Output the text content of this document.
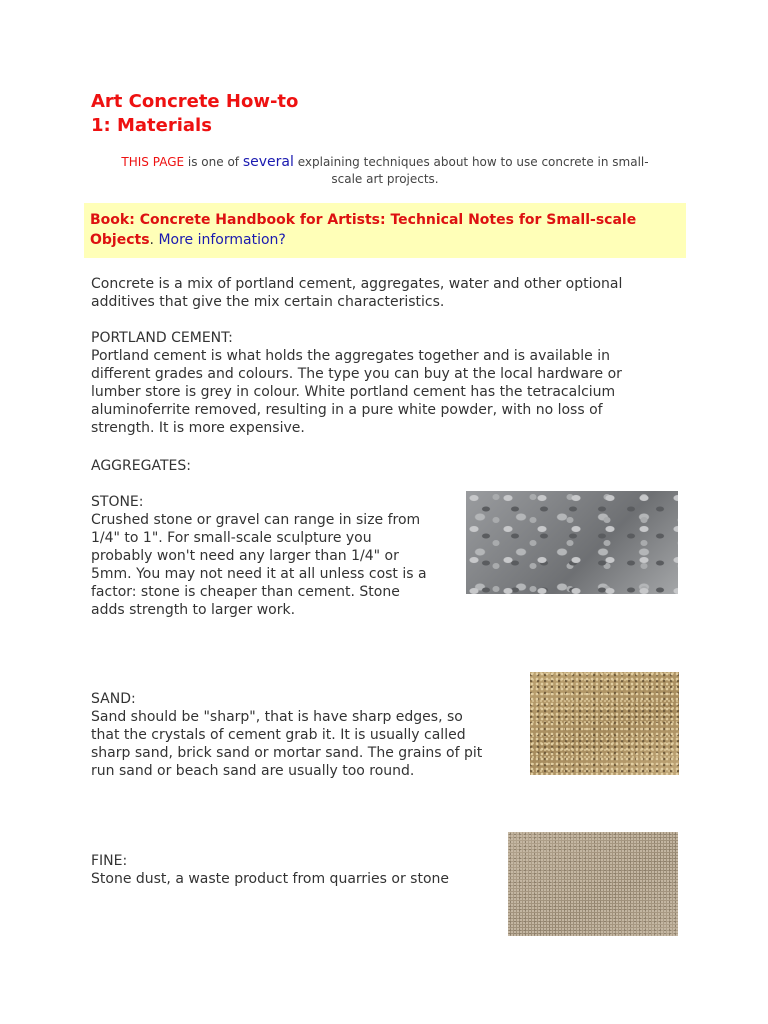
Art Concrete How-to
1: Materials
THIS PAGE is one of several explaining techniques about how to use concrete in small-
scale art projects.
Book: Concrete Handbook for Artists: Technical Notes for Small-scale
Objects. More information?

Concrete is a mix of portland cement, aggregates, water and other optional
additives that give the mix certain characteristics.

PORTLAND CEMENT:
Portland cement is what holds the aggregates together and is available in
different grades and colours. The type you can buy at the local hardware or
lumber store is grey in colour. White portland cement has the tetracalcium
aluminoferrite removed, resulting in a pure white powder, with no loss of
strength. It is more expensive.

AGGREGATES:

STONE:
Crushed stone or gravel can range in size from
1/4" to 1". For small-scale sculpture you
probably won't need any larger than 1/4" or
5mm. You may not need it at all unless cost is a
factor: stone is cheaper than cement. Stone
adds strength to larger work.

SAND:
Sand should be "sharp", that is have sharp edges, so
that the crystals of cement grab it. It is usually called
sharp sand, brick sand or mortar sand. The grains of pit
run sand or beach sand are usually too round.

FINE:
Stone dust, a waste product from quarries or stone
